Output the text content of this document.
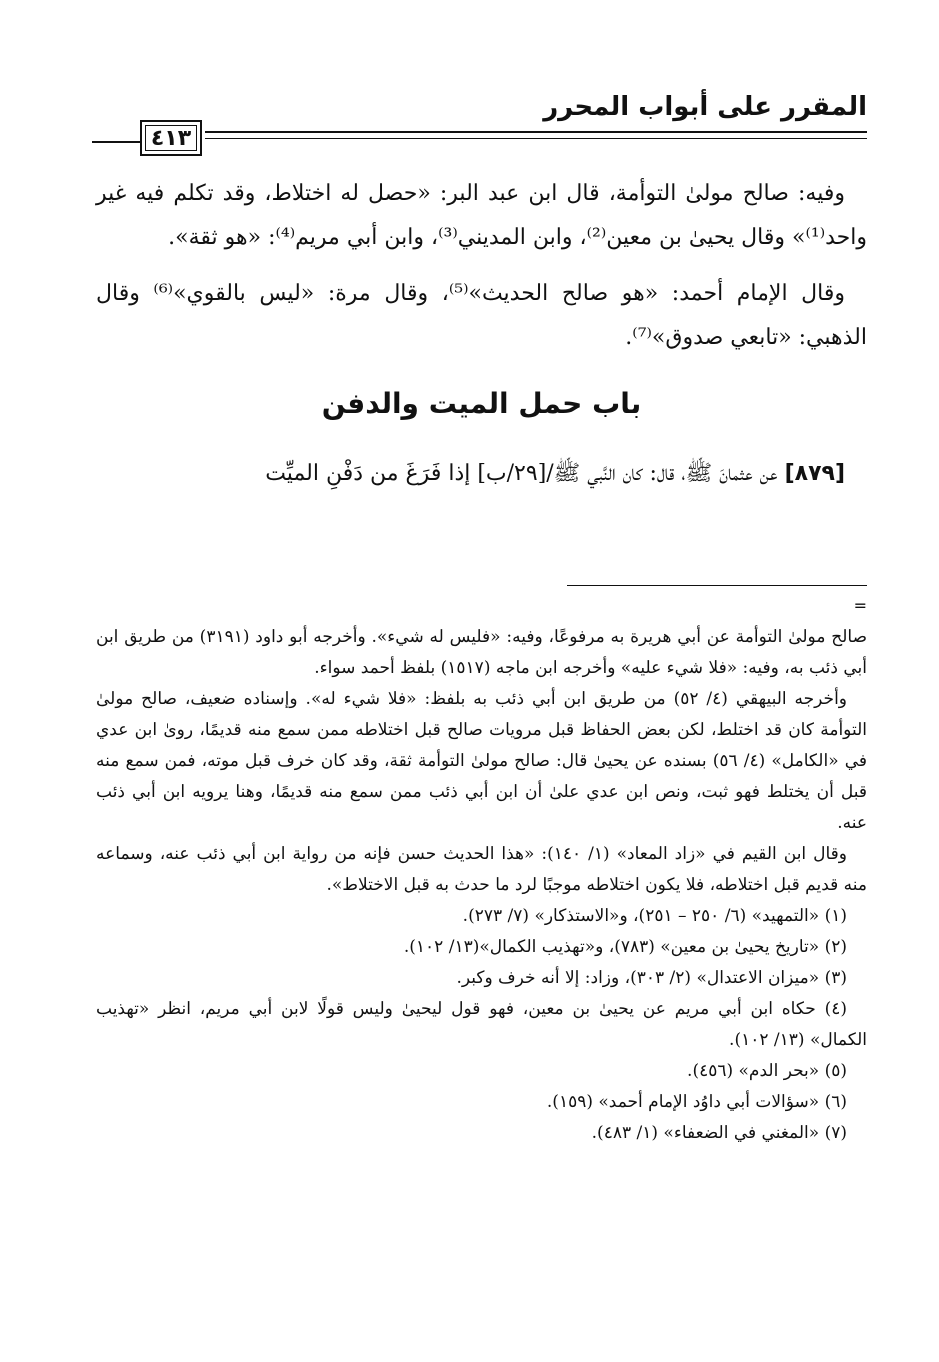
المقرر على أبواب المحرر
٤١٣

وفيه: صالح مولىٰ التوأمة، قال ابن عبد البر: «حصل له اختلاط، وقد تكلم فيه غير واحد⁽¹⁾» وقال يحيىٰ بن معين⁽²⁾، وابن المديني⁽³⁾، وابن أبي مريم⁽⁴⁾: «هو ثقة».

وقال الإمام أحمد: «هو صالح الحديث»⁽⁵⁾، وقال مرة: «ليس بالقوي»⁽⁶⁾ وقال الذهبي: «تابعي صدوق»⁽⁷⁾.

باب حمل الميت والدفن

[٨٧٩] عن عثمانَ ﷺ، قال: كان النَّبي ﷺ/[٢٩/ب] إذا فَرَغَ من دَفْنِ الميِّت

=

صالح مولىٰ التوأمة عن أبي هريرة به مرفوعًا، وفيه: «فليس له شيء». وأخرجه أبو داود (٣١٩١) من طريق ابن أبي ذئب به، وفيه: «فلا شيء عليه» وأخرجه ابن ماجه (١٥١٧) بلفظ أحمد سواء.

وأخرجه البيهقي (٤/ ٥٢) من طريق ابن أبي ذئب به بلفظ: «فلا شيء له». وإسناده ضعيف، صالح مولىٰ التوأمة كان قد اختلط، لكن بعض الحفاظ قبل مرويات صالح قبل اختلاطه ممن سمع منه قديمًا، روىٰ ابن عدي في «الكامل» (٤/ ٥٦) بسنده عن يحيىٰ قال: صالح مولىٰ التوأمة ثقة، وقد كان خرف قبل موته، فمن سمع منه قبل أن يختلط فهو ثبت، ونص ابن عدي علىٰ أن ابن أبي ذئب ممن سمع منه قديمًا، وهنا يرويه ابن أبي ذئب عنه.

وقال ابن القيم في «زاد المعاد» (١/ ١٤٠): «هذا الحديث حسن فإنه من رواية ابن أبي ذئب عنه، وسماعه منه قديم قبل اختلاطه، فلا يكون اختلاطه موجبًا لرد ما حدث به قبل الاختلاط».

(١) «التمهيد» (٦/ ٢٥٠ – ٢٥١)، و«الاستذكار» (٧/ ٢٧٣).

(٢) «تاريخ يحيىٰ بن معين» (٧٨٣)، و«تهذيب الكمال»(١٣/ ١٠٢).

(٣) «ميزان الاعتدال» (٢/ ٣٠٣)، وزاد: إلا أنه خرف وكبر.

(٤) حكاه ابن أبي مريم عن يحيىٰ بن معين، فهو قول ليحيىٰ وليس قولًا لابن أبي مريم، انظر «تهذيب الكمال» (١٣/ ١٠٢).

(٥) «بحر الدم» (٤٥٦).

(٦) «سؤالات أبي داوُد الإمام أحمد» (١٥٩).

(٧) «المغني في الضعفاء» (١/ ٤٨٣).
